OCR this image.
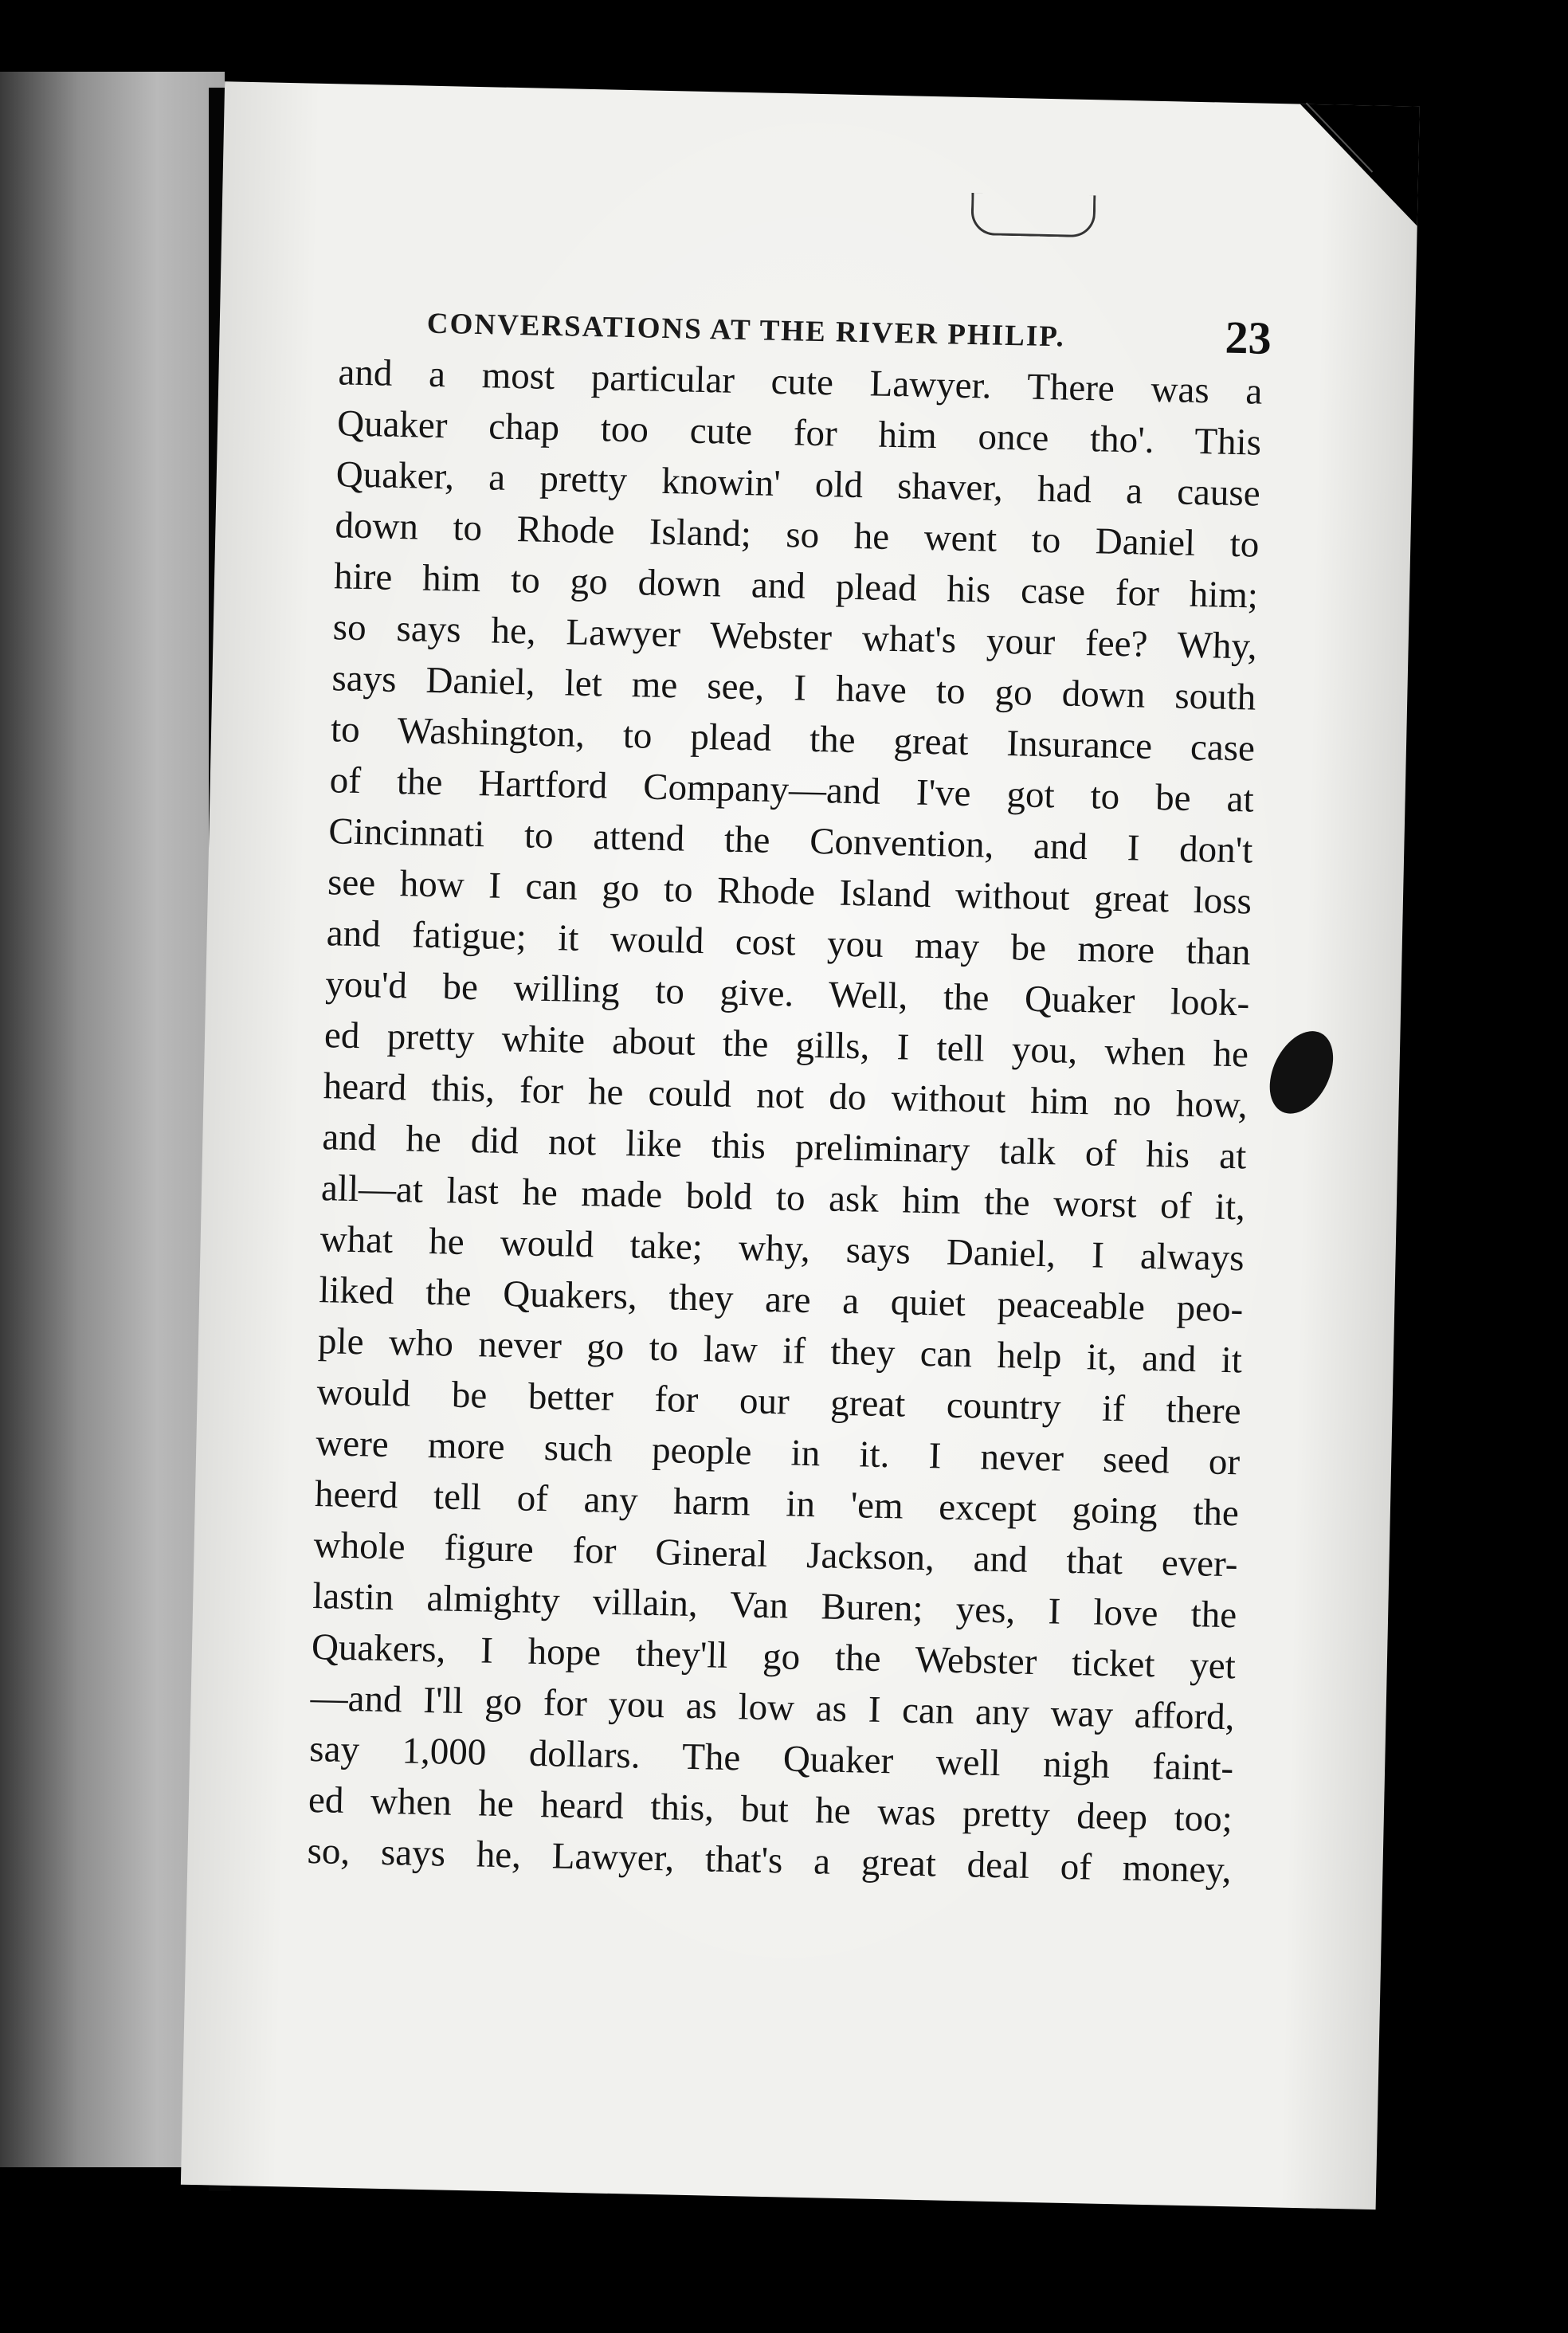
CONVERSATIONS AT THE RIVER PHILIP.	23
and a most particular cute Lawyer. There was a
Quaker chap too cute for him once tho'. This
Quaker, a pretty knowin' old shaver, had a cause
down to Rhode Island; so he went to Daniel to
hire him to go down and plead his case for him;
so says he, Lawyer Webster what's your fee? Why,
says Daniel, let me see, I have to go down south
to Washington, to plead the great Insurance case
of the Hartford Company—and I've got to be at
Cincinnati to attend the Convention, and I don't
see how I can go to Rhode Island without great loss
and fatigue; it would cost you may be more than
you'd be willing to give. Well, the Quaker look-
ed pretty white about the gills, I tell you, when he
heard this, for he could not do without him no how,
and he did not like this preliminary talk of his at
all—at last he made bold to ask him the worst of it,
what he would take; why, says Daniel, I always
liked the Quakers, they are a quiet peaceable peo-
ple who never go to law if they can help it, and it
would be better for our great country if there
were more such people in it. I never seed or
heerd tell of any harm in 'em except going the
whole figure for Gineral Jackson, and that ever-
lastin almighty villain, Van Buren; yes, I love the
Quakers, I hope they'll go the Webster ticket yet
—and I'll go for you as low as I can any way afford,
say 1,000 dollars. The Quaker well nigh faint-
ed when he heard this, but he was pretty deep too;
so, says he, Lawyer, that's a great deal of money,
